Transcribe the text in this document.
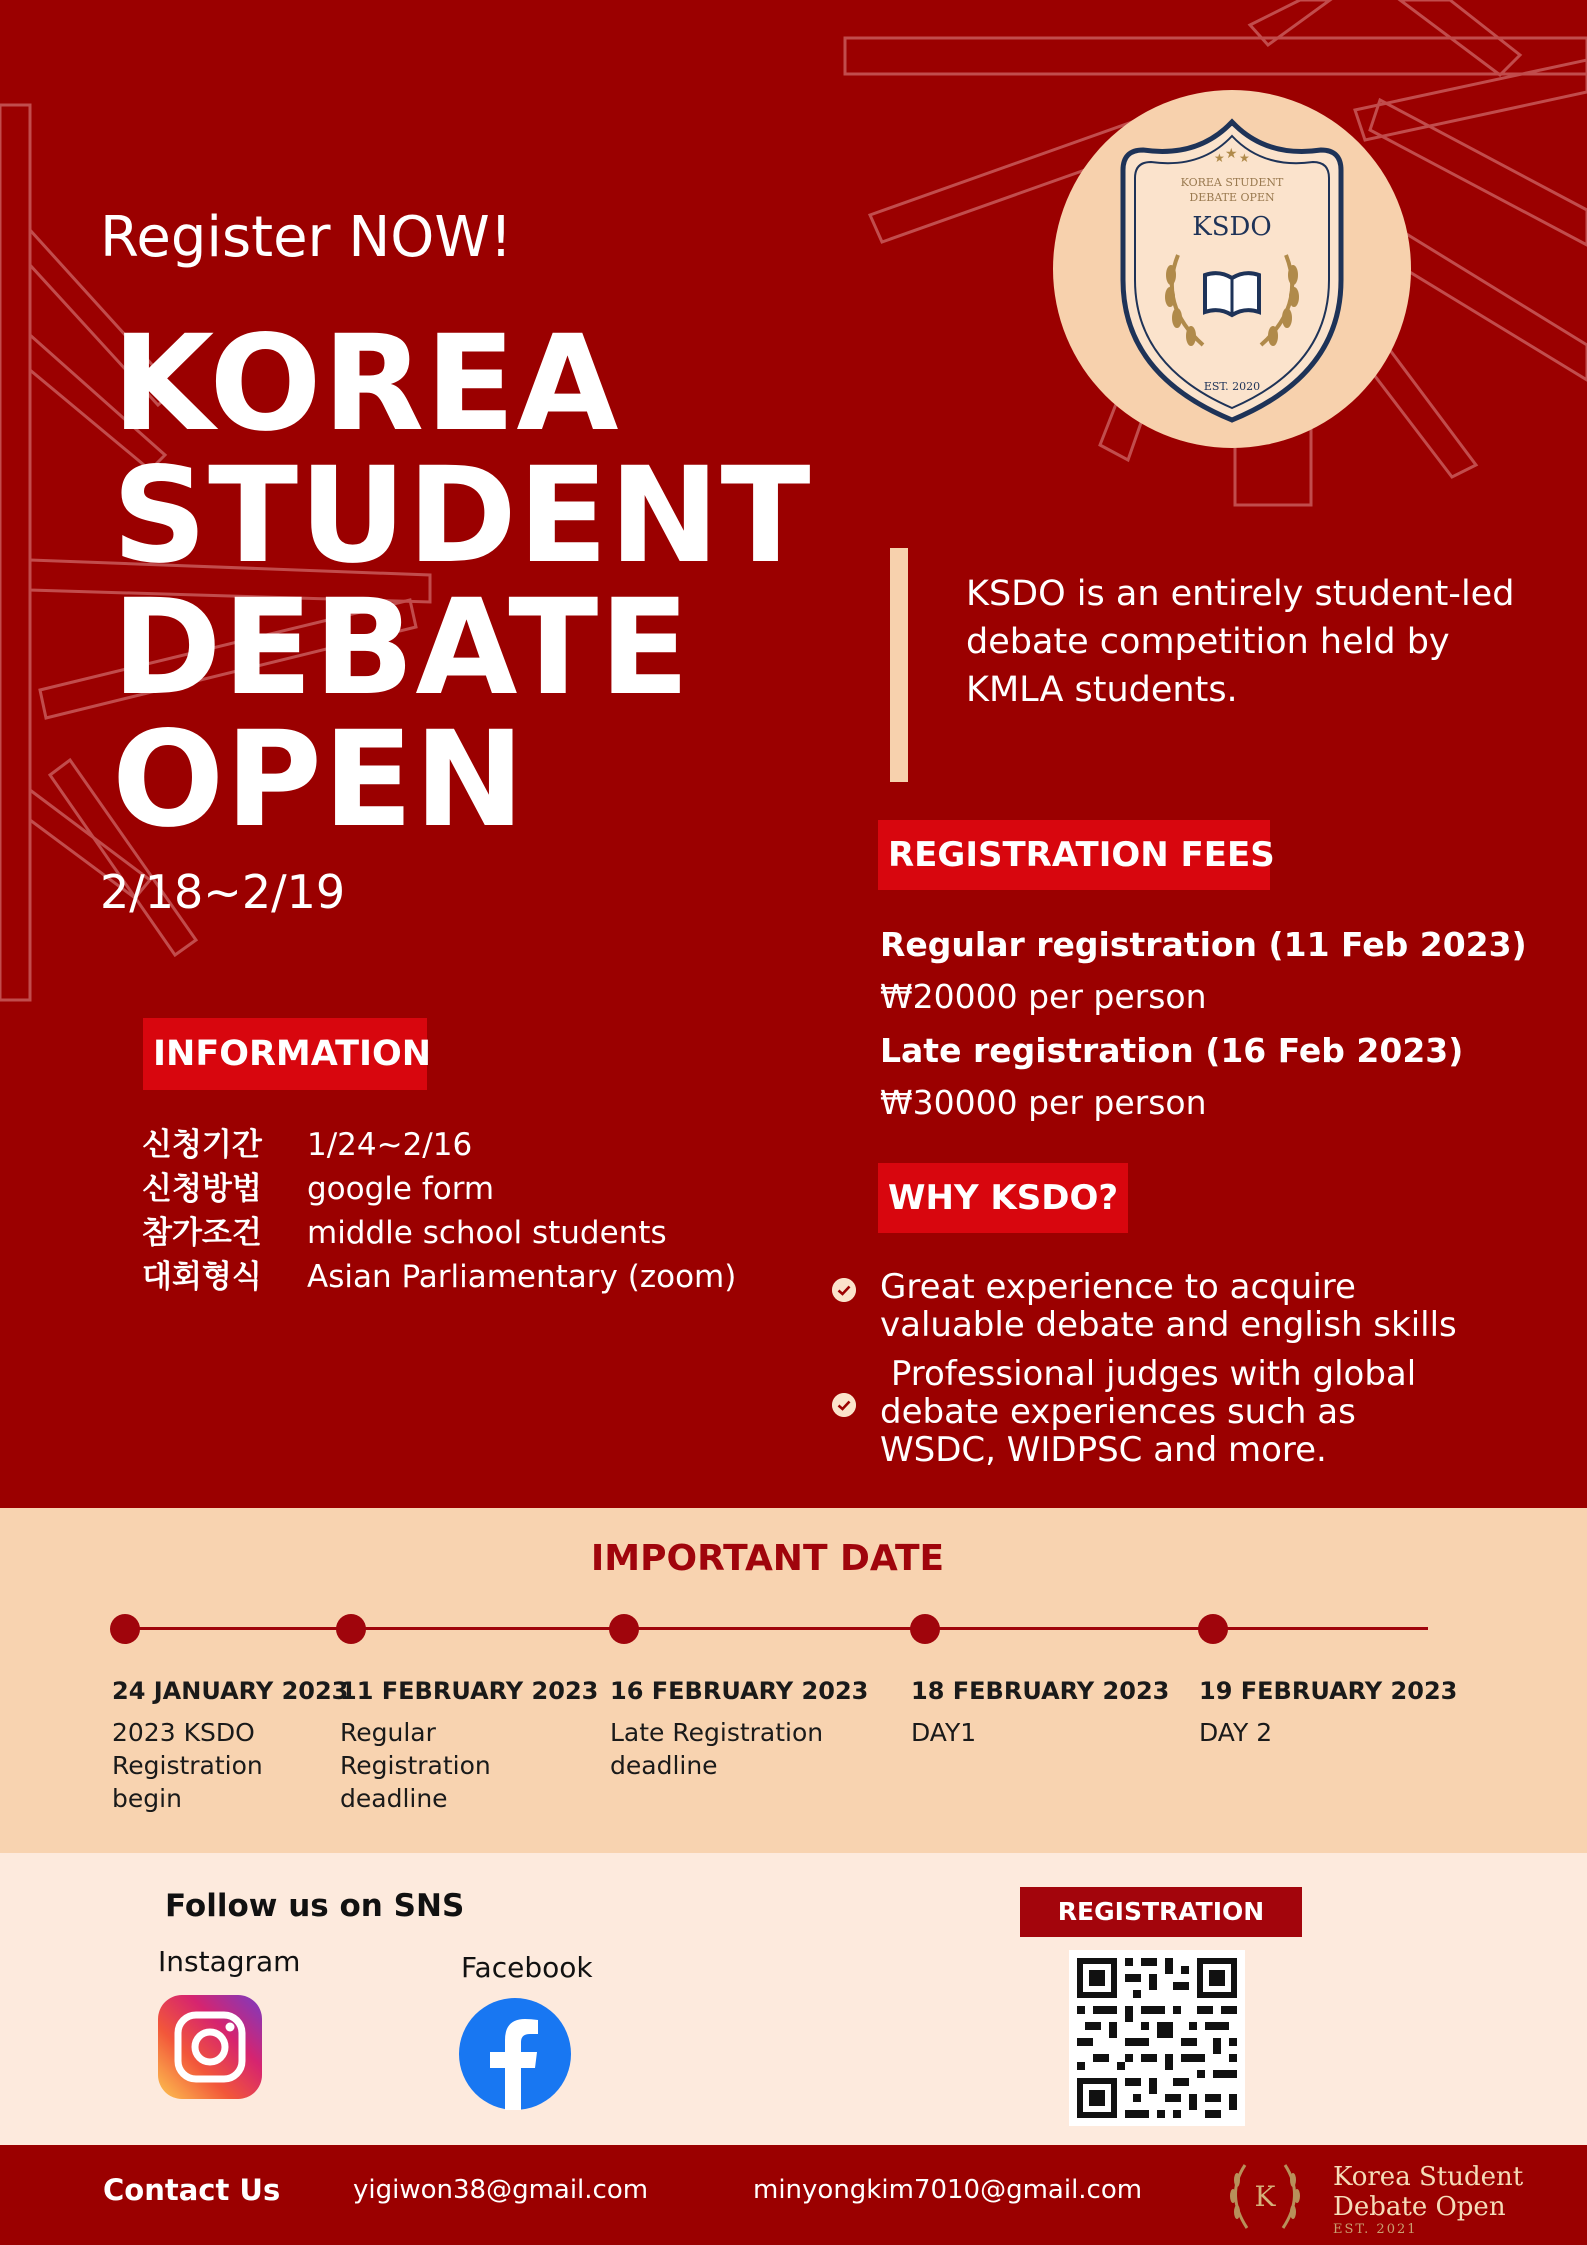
Register NOW!
KOREA
STUDENT
DEBATE
OPEN
2/18~2/19
★ ★ ★
KOREA STUDENT
DEBATE OPEN
KSDO
EST. 2020
KSDO is an entirely student-led debate competition held by KMLA students.
INFORMATION
신청기간	1/24~2/16
신청방법	google form
참가조건	middle school students
대회형식	Asian Parliamentary (zoom)
REGISTRATION FEES
Regular registration (11 Feb 2023)
₩20000 per person
Late registration (16 Feb 2023)
₩30000 per person
WHY KSDO?
Great experience to acquire valuable debate and english skills
Professional judges with global debate experiences such as WSDC, WIDPSC and more.
IMPORTANT DATE
24 JANUARY 2023
2023 KSDO Registration begin
11 FEBRUARY 2023
Regular Registration deadline
16 FEBRUARY 2023
Late Registration deadline
18 FEBRUARY 2023
DAY1
19 FEBRUARY 2023
DAY 2
Follow us on SNS
Instagram	Facebook
REGISTRATION
Contact Us	yigiwon38@gmail.com	minyongkim7010@gmail.com	K
Korea Student
Debate Open
EST. 2021
